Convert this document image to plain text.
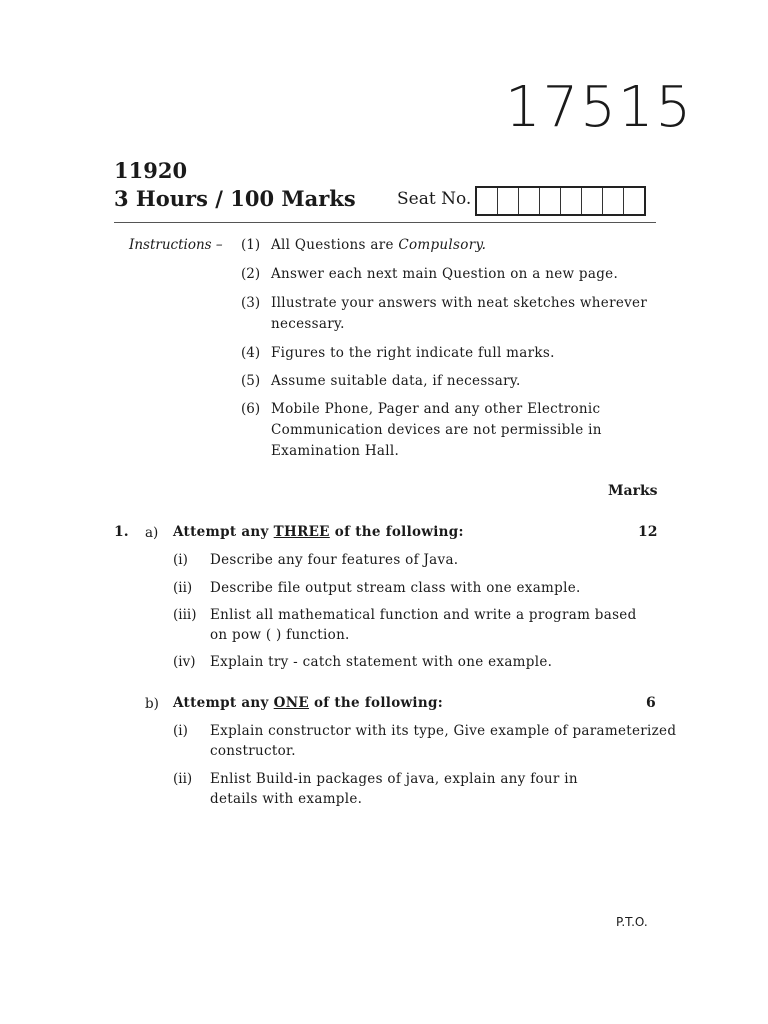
17515
11920
3 Hours / 100 Marks Seat No.
Instructions – (1) All Questions are Compulsory.
(2) Answer each next main Question on a new page.
(3) Illustrate your answers with neat sketches wherever
necessary.
(4) Figures to the right indicate full marks.
(5) Assume suitable data, if necessary.
(6) Mobile Phone, Pager and any other Electronic
Communication devices are not permissible in
Examination Hall.
Marks
1. a) Attempt any THREE of the following:	12
(i) Describe any four features of Java.
(ii) Describe file output stream class with one example.
(iii) Enlist all mathematical function and write a program based
on pow ( ) function.
(iv) Explain try - catch statement with one example.
b) Attempt any ONE of the following:	6
(i) Explain constructor with its type, Give example of parameterized
constructor.
(ii) Enlist Build-in packages of java, explain any four in
details with example.
P.T.O.
